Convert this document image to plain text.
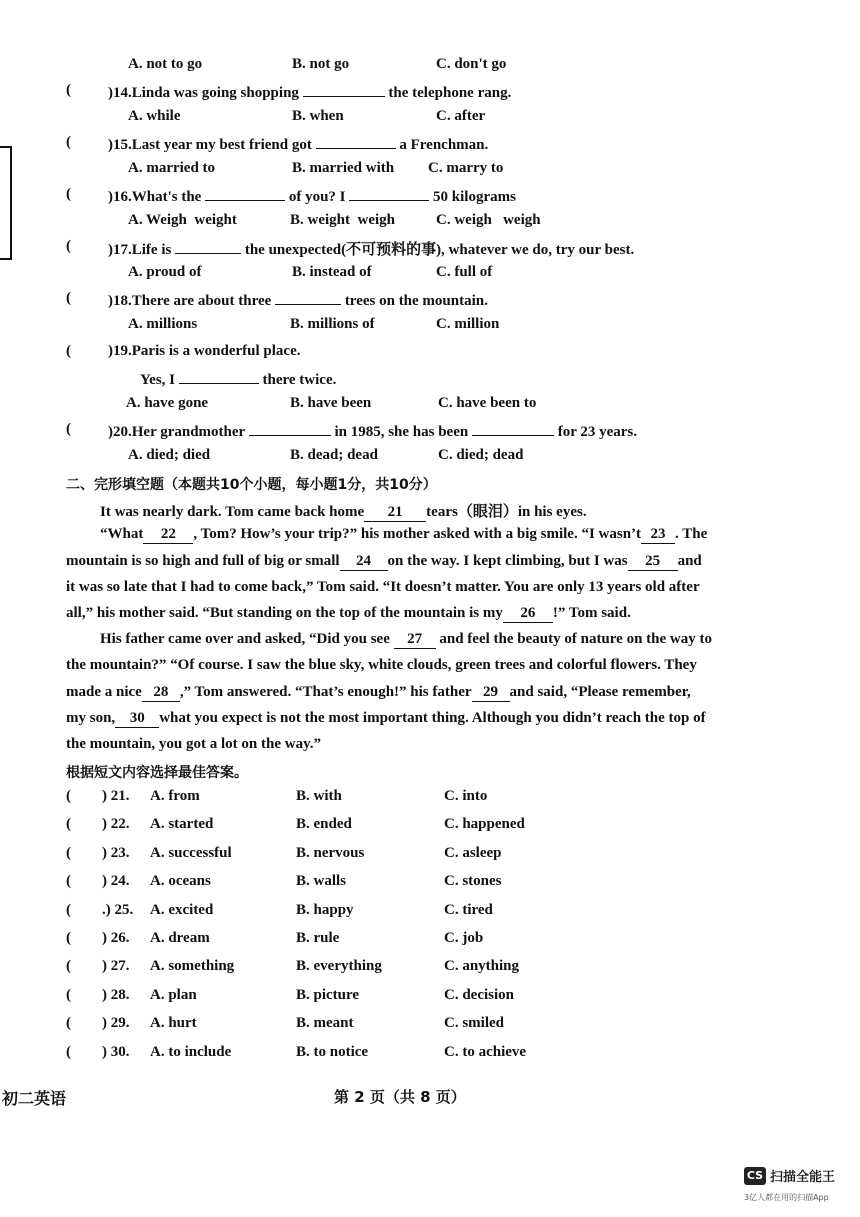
A. not to go	B. not go	C. don't go
( )14.Linda was going shopping	the telephone rang.
A. while	B. when	C. after
( )15.Last year my best friend got	a Frenchman.
A. married to	B. married with C. marry to
( )16.What's the	of you? I	50 kilograms
A. Weigh  weight	B. weight  weigh	C. weigh   weigh
( )17.Life is	the unexpected(不可预料的事), whatever we do, try our best.
A. proud of	B. instead of	C. full of
( )18.There are about three	trees on the mountain.
A. millions	B. millions of	C. million
( )19.Paris is a wonderful place.
Yes, I	there twice.
A. have gone	B. have been	C. have been to
( )20.Her grandmother	in 1985, she has been	for 23 years.
A. died; died	B. dead; dead	C. died; dead
二、完形填空题（本题共10个小题，每小题1分，共10分）
It was nearly dark. Tom came back home 21 tears（眼泪）in his eyes.
“What 22 , Tom? How’s your trip?” his mother asked with a big smile. “I wasn’t 23 . The
mountain is so high and full of big or small 24 on the way. I kept climbing, but I was 25 and
it was so late that I had to come back,” Tom said. “It doesn’t matter. You are only 13 years old after
all,” his mother said. “But standing on the top of the mountain is my 26 !” Tom said.
His father came over and asked, “Did you see 27 and feel the beauty of nature on the way to
the mountain?” “Of course. I saw the blue sky, white clouds, green trees and colorful flowers. They
made a nice 28 ,” Tom answered. “That’s enough!” his father 29 and said, “Please remember,
my son, 30 what you expect is not the most important thing. Although you didn’t reach the top of
the mountain, you got a lot on the way.”
根据短文内容选择最佳答案。
( ) 21. A. from	B. with	C. into
( ) 22. A. started	B. ended	C. happened
( ) 23. A. successful	B. nervous	C. asleep
( ) 24. A. oceans	B. walls	C. stones
( .) 25. A. excited	B. happy	C. tired
( ) 26. A. dream	B. rule	C. job
( ) 27. A. something	B. everything	C. anything
( ) 28. A. plan	B. picture	C. decision
( ) 29. A. hurt	B. meant	C. smiled
( ) 30. A. to include	B. to notice	C. to achieve
初二英语	第 2 页（共 8 页）
CS 扫描全能王
3亿人都在用的扫描App
